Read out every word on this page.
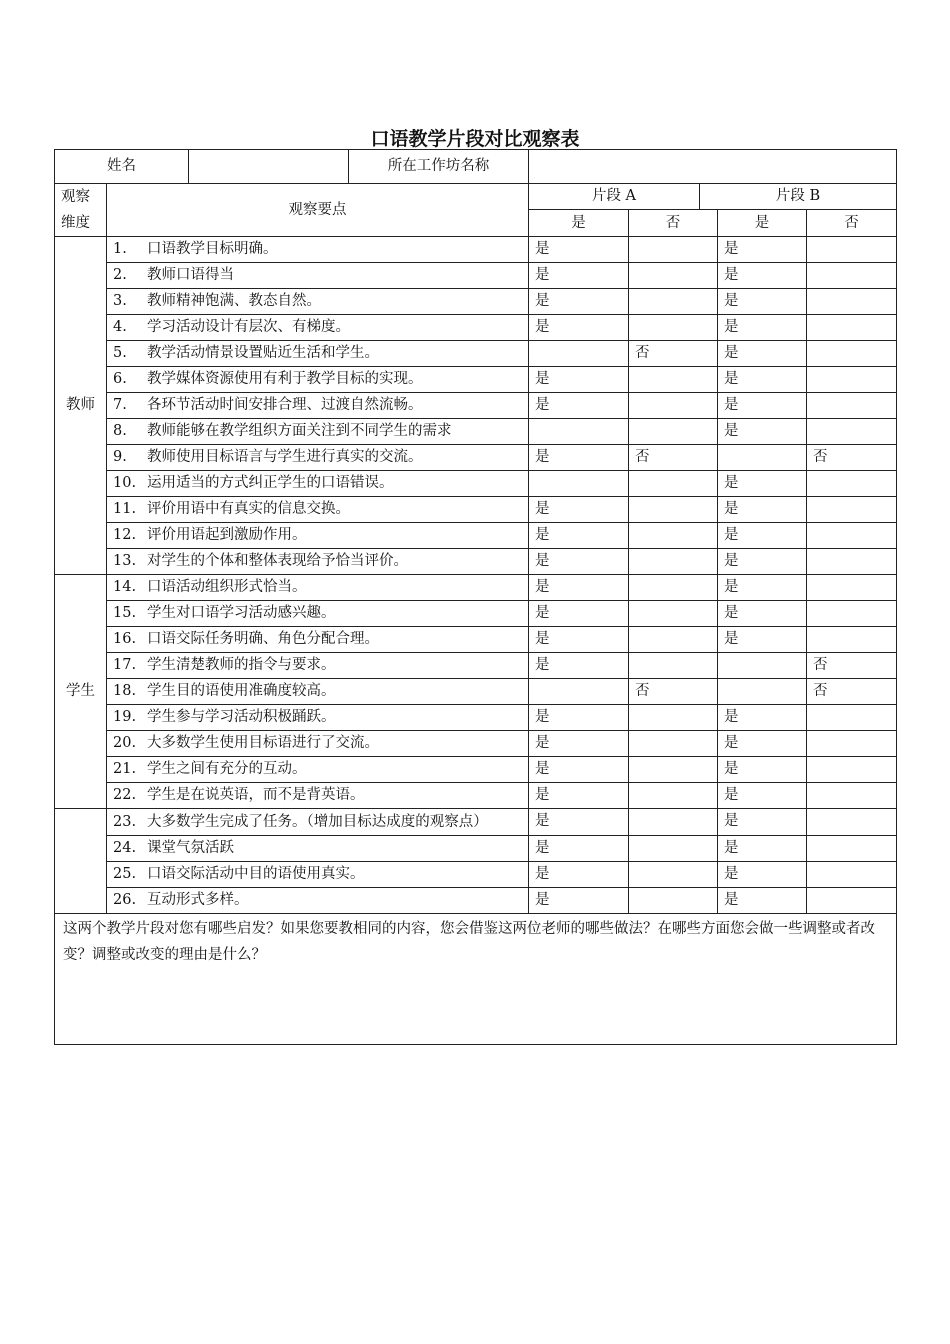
口语教学片段对比观察表
姓名			所在工作坊名称					
观察
维度	观察要点			片段 A		片段 B		
				是	否		是	否
教师	1. 口语教学目标明确。			是			是	
	2. 教师口语得当			是			是	
	3. 教师精神饱满、教态自然。			是			是	
	4. 学习活动设计有层次、有梯度。			是			是	
	5. 教学活动情景设置贴近生活和学生。				否		是	
	6. 教学媒体资源使用有利于教学目标的实现。			是			是	
	7. 各环节活动时间安排合理、过渡自然流畅。			是			是	
	8. 教师能够在教学组织方面关注到不同学生的需求						是	
	9. 教师使用目标语言与学生进行真实的交流。			是	否			否
	10. 运用适当的方式纠正学生的口语错误。						是	
	11. 评价用语中有真实的信息交换。			是			是	
	12. 评价用语起到激励作用。			是			是	
	13. 对学生的个体和整体表现给予恰当评价。			是			是	
学生	14. 口语活动组织形式恰当。			是			是	
	15. 学生对口语学习活动感兴趣。			是			是	
	16. 口语交际任务明确、角色分配合理。			是			是	
	17. 学生清楚教师的指令与要求。			是				否
	18. 学生目的语使用准确度较高。				否			否
	19. 学生参与学习活动积极踊跃。			是			是	
	20. 大多数学生使用目标语进行了交流。			是			是	
	21. 学生之间有充分的互动。			是			是	
	22. 学生是在说英语，而不是背英语。			是			是	
	23. 大多数学生完成了任务。（增加目标达成度的观察点）			是			是	
	24. 课堂气氛活跃			是			是	
	25. 口语交际活动中目的语使用真实。			是			是	
	26. 互动形式多样。			是			是	
这两个教学片段对您有哪些启发？如果您要教相同的内容，您会借鉴这两位老师的哪些做法？在哪些方面您会做一些调整或者改变？调整或改变的理由是什么？								
